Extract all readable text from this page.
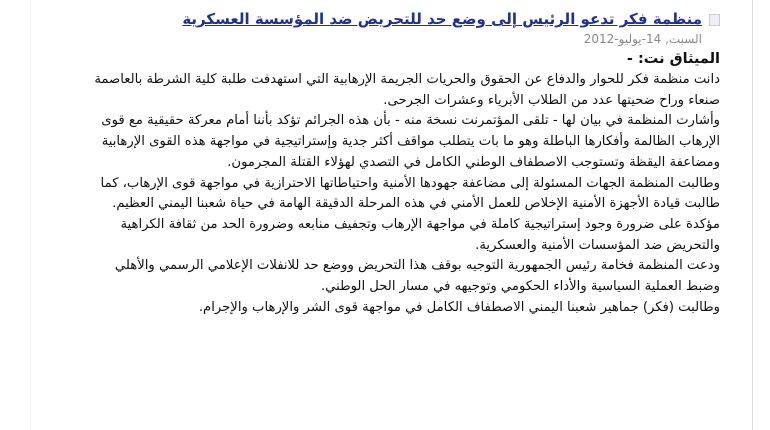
منظمة فكر تدعو الرئيس إلى وضع حد للتحريض ضد المؤسسة العسكرية
السبت, 14-يوليو-2012
الميثاق نت: -

دانت منظمة فكر للحوار والدفاع عن الحقوق والحريات الجريمة الإرهابية التي استهدفت طلبة كلية الشرطة بالعاصمة صنعاء وراح ضحيتها عدد من الطلاب الأبرياء وعشرات الجرحى.

وأشارت المنظمة في بيان لها - تلقى المؤتمرنت نسخة منه - بأن هذه الجرائم تؤكد بأننا أمام معركة حقيقية مع قوى الإرهاب الظالمة وأفكارها الباطلة وهو ما بات يتطلب مواقف أكثر جدية وإستراتيجية في مواجهة هذه القوى الإرهابية ومضاعفة اليقظة وتستوجب الاصطفاف الوطني الكامل في التصدي لهؤلاء القتلة المجرمون.

وطالبت المنظمة الجهات المسئولة إلى مضاعفة جهودها الأمنية واحتياطاتها الاحترازية في مواجهة قوى الإرهاب، كما طالبت قيادة الأجهزة الأمنية الإخلاص للعمل الأمني في هذه المرحلة الدقيقة الهامة في حياة شعبنا اليمني العظيم.

مؤكدة على ضرورة وجود إستراتيجية كاملة في مواجهة الإرهاب وتجفيف منابعه وضرورة الحد من ثقافة الكراهية والتحريض ضد المؤسسات الأمنية والعسكرية.

ودعت المنظمة فخامة رئيس الجمهورية التوجيه بوقف هذا التحريض ووضع حد للانفلات الإعلامي الرسمي والأهلي وضبط العملية السياسية والأداء الحكومي وتوجيهه في مسار الحل الوطني.

وطالبت (فكر) جماهير شعبنا اليمني الاصطفاف الكامل في مواجهة قوى الشر والإرهاب والإجرام.
